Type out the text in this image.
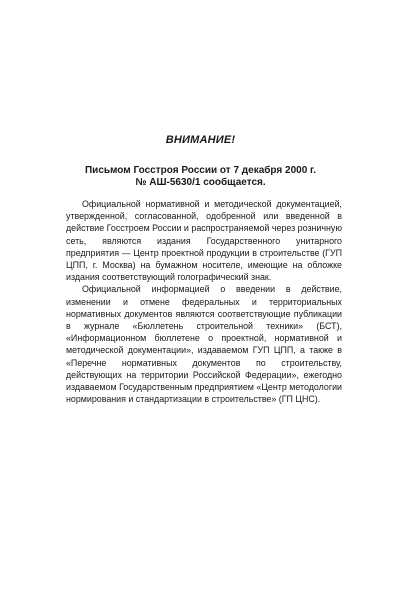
ВНИМАНИЕ!
Письмом Госстроя России от 7 декабря 2000 г.
№ АШ-5630/1 сообщается.

Официальной нормативной и методической документацией, утвержденной, согласованной, одобренной или введенной в действие Госстроем России и распространяемой через розничную сеть, являются издания Государственного унитарного предприятия — Центр проектной продукции в строительстве (ГУП ЦПП, г. Москва) на бумажном носителе, имеющие на обложке издания соответствующий голографический знак.

Официальной информацией о введении в действие, изменении и отмене федеральных и территориальных нормативных документов являются соответствующие публикации в журнале «Бюллетень строительной техники» (БСТ), «Информационном бюллетене о проектной, нормативной и методической документации», издаваемом ГУП ЦПП, а также в «Перечне нормативных документов по строительству, действующих на территории Российской Федерации», ежегодно издаваемом Государственным предприятием «Центр методологии нормирования и стандартизации в строительстве» (ГП ЦНС).
